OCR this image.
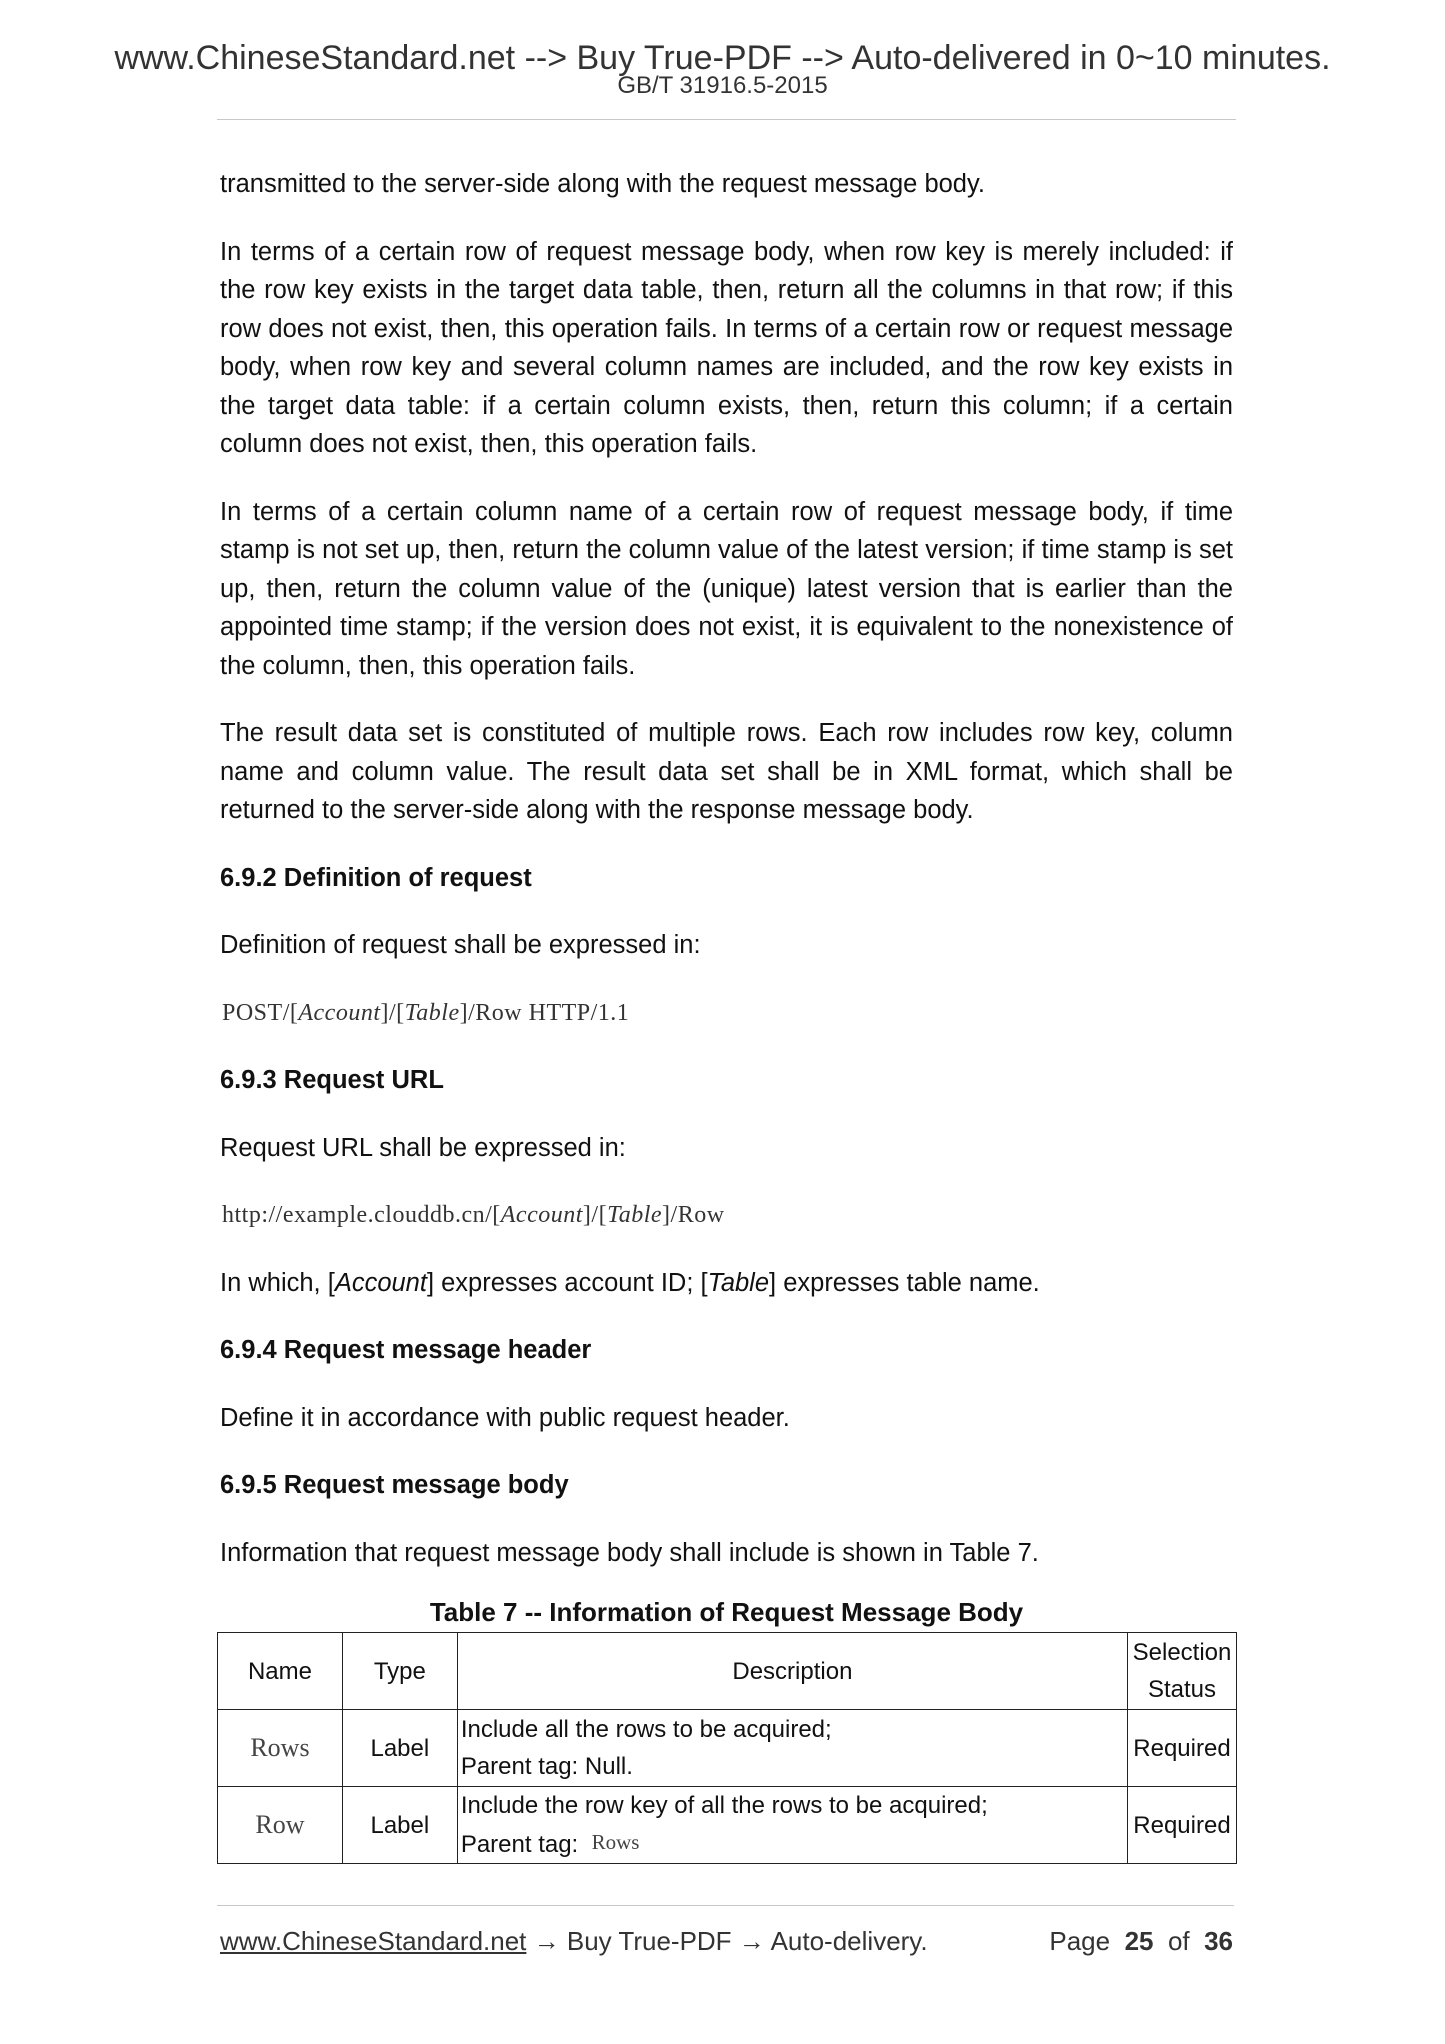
www.ChineseStandard.net --> Buy True-PDF --> Auto-delivered in 0~10 minutes.
GB/T 31916.5-2015

transmitted to the server-side along with the request message body.

In terms of a certain row of request message body, when row key is merely included: if the row key exists in the target data table, then, return all the columns in that row; if this row does not exist, then, this operation fails. In terms of a certain row or request message body, when row key and several column names are included, and the row key exists in the target data table: if a certain column exists, then, return this column; if a certain column does not exist, then, this operation fails.

In terms of a certain column name of a certain row of request message body, if time stamp is not set up, then, return the column value of the latest version; if time stamp is set up, then, return the column value of the (unique) latest version that is earlier than the appointed time stamp; if the version does not exist, it is equivalent to the nonexistence of the column, then, this operation fails.

The result data set is constituted of multiple rows. Each row includes row key, column name and column value. The result data set shall be in XML format, which shall be returned to the server-side along with the response message body.

6.9.2 Definition of request

Definition of request shall be expressed in:

POST/[Account]/[Table]/Row HTTP/1.1
6.9.3 Request URL

Request URL shall be expressed in:

http://example.clouddb.cn/[Account]/[Table]/Row

In which, [Account] expresses account ID; [Table] expresses table name.

6.9.4 Request message header

Define it in accordance with public request header.

6.9.5 Request message body

Information that request message body shall include is shown in Table 7.

Table 7 -- Information of Request Message Body
Name	Type	Description	Selection
Status

Rows	Label	Include all the rows to be acquired;
Parent tag: Null.	Required
Row	Label	Include the row key of all the rows to be acquired;
Parent tag: Rows	Required
www.ChineseStandard.net → Buy True-PDF → Auto-delivery.	Page 25 of 36
